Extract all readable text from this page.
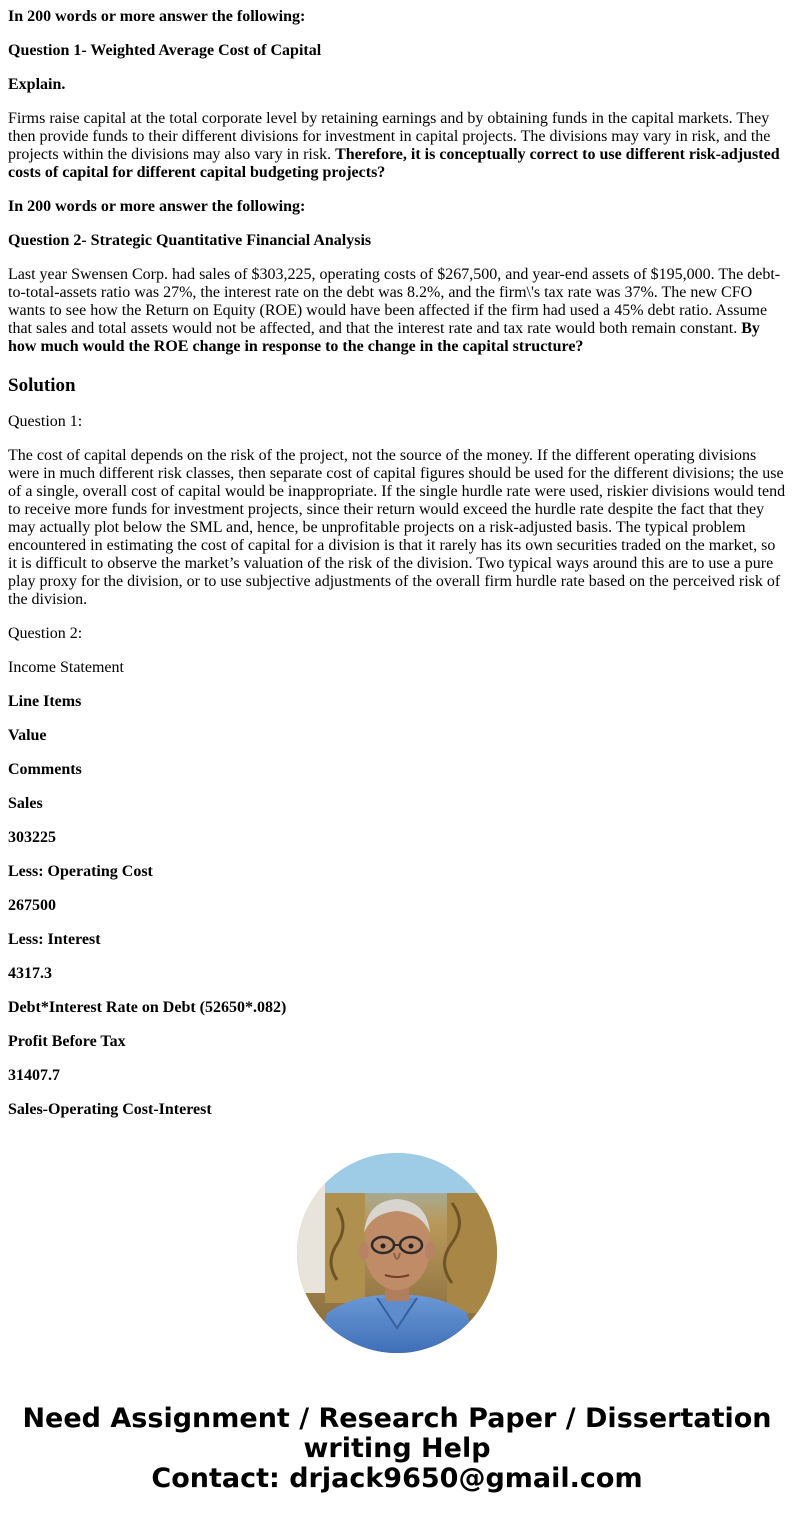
In 200 words or more answer the following:

Question 1- Weighted Average Cost of Capital

Explain.

Firms raise capital at the total corporate level by retaining earnings and by obtaining funds in the capital markets. They then provide funds to their different divisions for investment in capital projects. The divisions may vary in risk, and the projects within the divisions may also vary in risk. Therefore, it is conceptually correct to use different risk-adjusted costs of capital for different capital budgeting projects?

In 200 words or more answer the following:

Question 2- Strategic Quantitative Financial Analysis

Last year Swensen Corp. had sales of $303,225, operating costs of $267,500, and year-end assets of $195,000. The debt-to-total-assets ratio was 27%, the interest rate on the debt was 8.2%, and the firm\'s tax rate was 37%. The new CFO wants to see how the Return on Equity (ROE) would have been affected if the firm had used a 45% debt ratio. Assume that sales and total assets would not be affected, and that the interest rate and tax rate would both remain constant. By how much would the ROE change in response to the change in the capital structure?

Solution

Question 1:

The cost of capital depends on the risk of the project, not the source of the money. If the different operating divisions were in much different risk classes, then separate cost of capital figures should be used for the different divisions; the use of a single, overall cost of capital would be inappropriate. If the single hurdle rate were used, riskier divisions would tend to receive more funds for investment projects, since their return would exceed the hurdle rate despite the fact that they may actually plot below the SML and, hence, be unprofitable projects on a risk-adjusted basis. The typical problem encountered in estimating the cost of capital for a division is that it rarely has its own securities traded on the market, so it is difficult to observe the market’s valuation of the risk of the division. Two typical ways around this are to use a pure play proxy for the division, or to use subjective adjustments of the overall firm hurdle rate based on the perceived risk of the division.

Question 2:

Income Statement

Line Items

Value

Comments

Sales

303225

Less: Operating Cost

267500

Less: Interest

4317.3

Debt*Interest Rate on Debt (52650*.082)

Profit Before Tax

31407.7

Sales-Operating Cost-Interest

Need Assignment / Research Paper / Dissertation
writing Help
Contact: drjack9650@gmail.com
